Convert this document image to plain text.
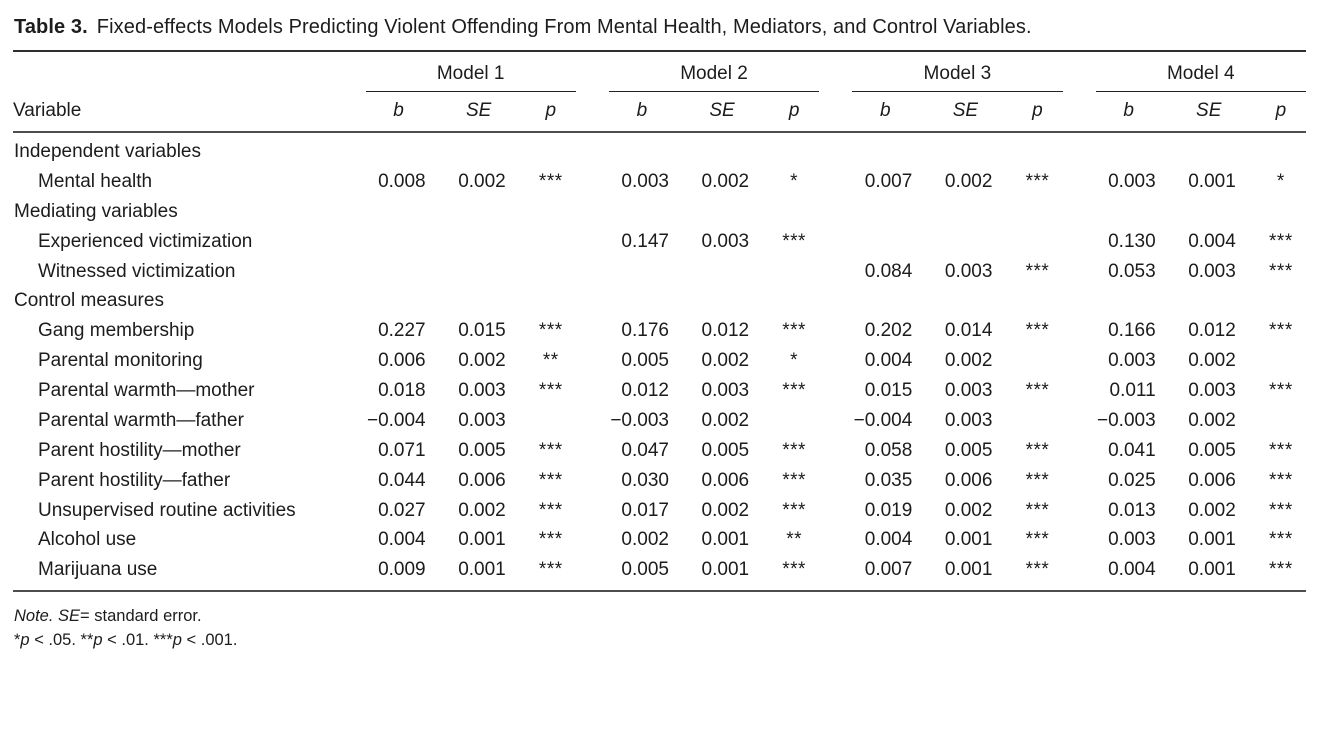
Table 3. Fixed-effects Models Predicting Violent Offending From Mental Health, Mediators, and Control Variables.

	Model 1				Model 2				Model 3				Model 4		
Variable	b	SE	p		b	SE	p		b	SE	p		b	SE	p
Independent variables															
Mental health	0.008	0.002	***		0.003	0.002	*		0.007	0.002	***		0.003	0.001	*
Mediating variables															
Experienced victimization					0.147	0.003	***						0.130	0.004	***
Witnessed victimization									0.084	0.003	***		0.053	0.003	***
Control measures															
Gang membership	0.227	0.015	***		0.176	0.012	***		0.202	0.014	***		0.166	0.012	***
Parental monitoring	0.006	0.002	**		0.005	0.002	*		0.004	0.002			0.003	0.002	
Parental warmth—mother	0.018	0.003	***		0.012	0.003	***		0.015	0.003	***		0.011	0.003	***
Parental warmth—father	−0.004	0.003			−0.003	0.002			−0.004	0.003			−0.003	0.002	
Parent hostility—mother	0.071	0.005	***		0.047	0.005	***		0.058	0.005	***		0.041	0.005	***
Parent hostility—father	0.044	0.006	***		0.030	0.006	***		0.035	0.006	***		0.025	0.006	***
Unsupervised routine activities	0.027	0.002	***		0.017	0.002	***		0.019	0.002	***		0.013	0.002	***
Alcohol use	0.004	0.001	***		0.002	0.001	**		0.004	0.001	***		0.003	0.001	***
Marijuana use	0.009	0.001	***		0.005	0.001	***		0.007	0.001	***		0.004	0.001	***

Note. SE= standard error.

*p < .05. **p < .01. ***p < .001.
